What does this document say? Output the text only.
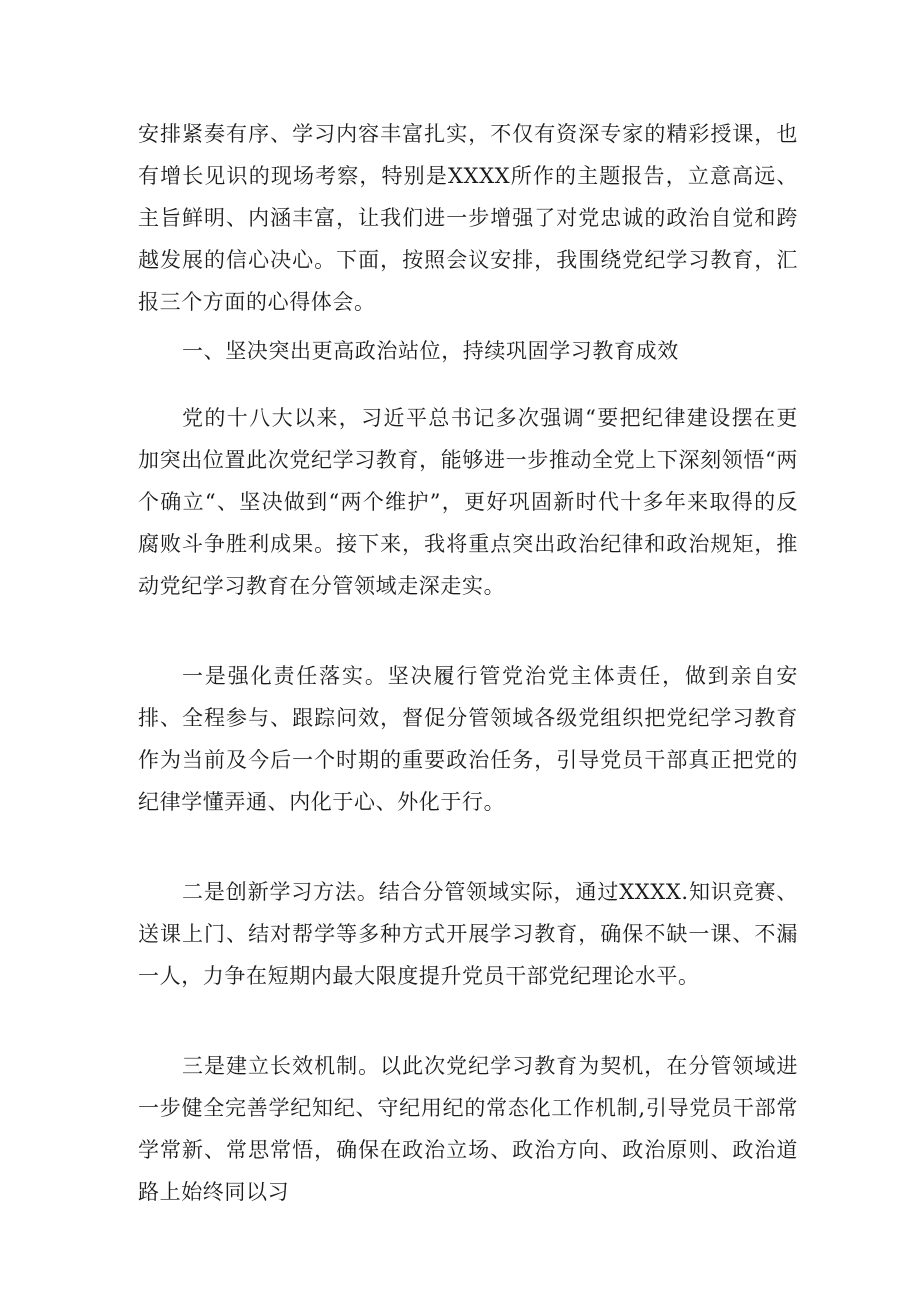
安排紧奏有序、学习内容丰富扎实，不仅有资深专家的精彩授课，也有增长见识的现场考察，特别是XXXX所作的主题报告，立意高远、主旨鲜明、内涵丰富，让我们进一步增强了对党忠诚的政治自觉和跨越发展的信心决心。下面，按照会议安排，我围绕党纪学习教育，汇报三个方面的心得体会。

一、坚决突出更高政治站位，持续巩固学习教育成效

党的十八大以来，习近平总书记多次强调“要把纪律建设摆在更加突出位置此次党纪学习教育，能够进一步推动全党上下深刻领悟“两个确立“、坚决做到“两个维护”，更好巩固新时代十多年来取得的反腐败斗争胜利成果。接下来，我将重点突出政治纪律和政治规矩，推动党纪学习教育在分管领域走深走实。

一是强化责任落实。坚决履行管党治党主体责任，做到亲自安排、全程参与、跟踪问效，督促分管领域各级党组织把党纪学习教育作为当前及今后一个时期的重要政治任务，引导党员干部真正把党的纪律学懂弄通、内化于心、外化于行。

二是创新学习方法。结合分管领域实际，通过XXXX.知识竞赛、送课上门、结对帮学等多种方式开展学习教育，确保不缺一课、不漏一人，力争在短期内最大限度提升党员干部党纪理论水平。

三是建立长效机制。以此次党纪学习教育为契机，在分管领域进一步健全完善学纪知纪、守纪用纪的常态化工作机制,引导党员干部常学常新、常思常悟，确保在政治立场、政治方向、政治原则、政治道路上始终同以习
